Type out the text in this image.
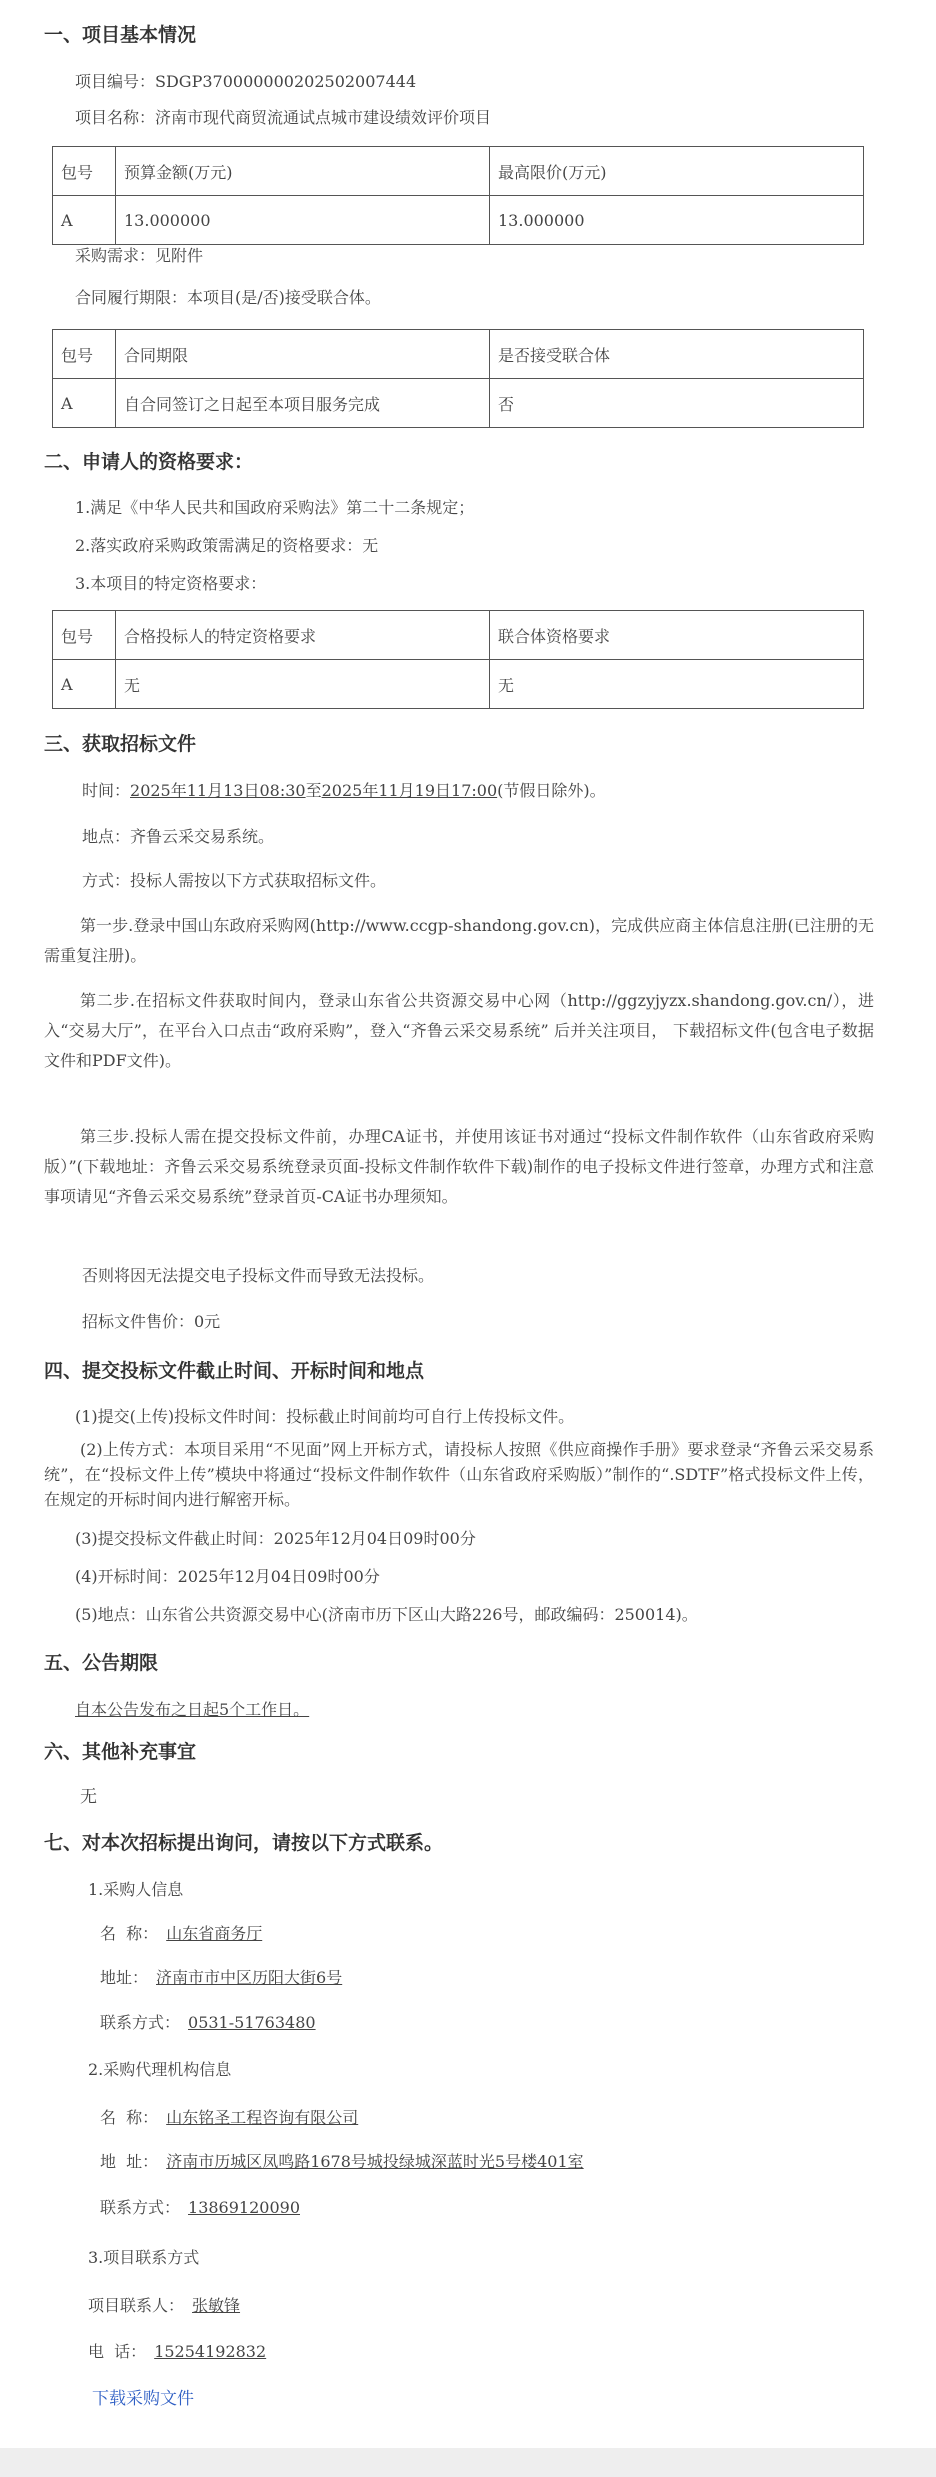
一、项目基本情况
项目编号：SDGP370000000202502007444
项目名称：济南市现代商贸流通试点城市建设绩效评价项目
包号	预算金额(万元)	最高限价(万元)
A	13.000000	13.000000
采购需求：见附件
合同履行期限：本项目(是/否)接受联合体。
包号	合同期限	是否接受联合体
A	自合同签订之日起至本项目服务完成	否
二、申请人的资格要求：
1.满足《中华人民共和国政府采购法》第二十二条规定；
2.落实政府采购政策需满足的资格要求：无
3.本项目的特定资格要求：
包号	合格投标人的特定资格要求	联合体资格要求
A	无	无
三、获取招标文件
时间：2025年11月13日08:30至2025年11月19日17:00(节假日除外)。
地点：齐鲁云采交易系统。
方式：投标人需按以下方式获取招标文件。
第一步.登录中国山东政府采购网(http://www.ccgp-shandong.gov.cn)，完成供应商主体信息注册(已注册的无需重复注册)。
第二步.在招标文件获取时间内，登录山东省公共资源交易中心网（http://ggzyjyzx.shandong.gov.cn/），进入“交易大厅”，在平台入口点击“政府采购”，登入“齐鲁云采交易系统” 后并关注项目， 下载招标文件(包含电子数据文件和PDF文件)。
第三步.投标人需在提交投标文件前，办理CA证书，并使用该证书对通过“投标文件制作软件（山东省政府采购版）”(下载地址：齐鲁云采交易系统登录页面-投标文件制作软件下载)制作的电子投标文件进行签章，办理方式和注意事项请见“齐鲁云采交易系统”登录首页-CA证书办理须知。
否则将因无法提交电子投标文件而导致无法投标。
招标文件售价：0元
四、提交投标文件截止时间、开标时间和地点
(1)提交(上传)投标文件时间：投标截止时间前均可自行上传投标文件。
(2)上传方式：本项目采用“不见面”网上开标方式，请投标人按照《供应商操作手册》要求登录“齐鲁云采交易系统”，在“投标文件上传”模块中将通过“投标文件制作软件（山东省政府采购版）”制作的“.SDTF”格式投标文件上传，在规定的开标时间内进行解密开标。
(3)提交投标文件截止时间：2025年12月04日09时00分
(4)开标时间：2025年12月04日09时00分
(5)地点：山东省公共资源交易中心(济南市历下区山大路226号，邮政编码：250014)。
五、公告期限
自本公告发布之日起5个工作日。
六、其他补充事宜
无
七、对本次招标提出询问，请按以下方式联系。
1.采购人信息
名  称： 山东省商务厅
地址： 济南市市中区历阳大街6号
联系方式： 0531-51763480
2.采购代理机构信息
名  称： 山东铭圣工程咨询有限公司
地  址： 济南市历城区凤鸣路1678号城投绿城深蓝时光5号楼401室
联系方式： 13869120090
3.项目联系方式
项目联系人： 张敏锋
电  话： 15254192832
下载采购文件
